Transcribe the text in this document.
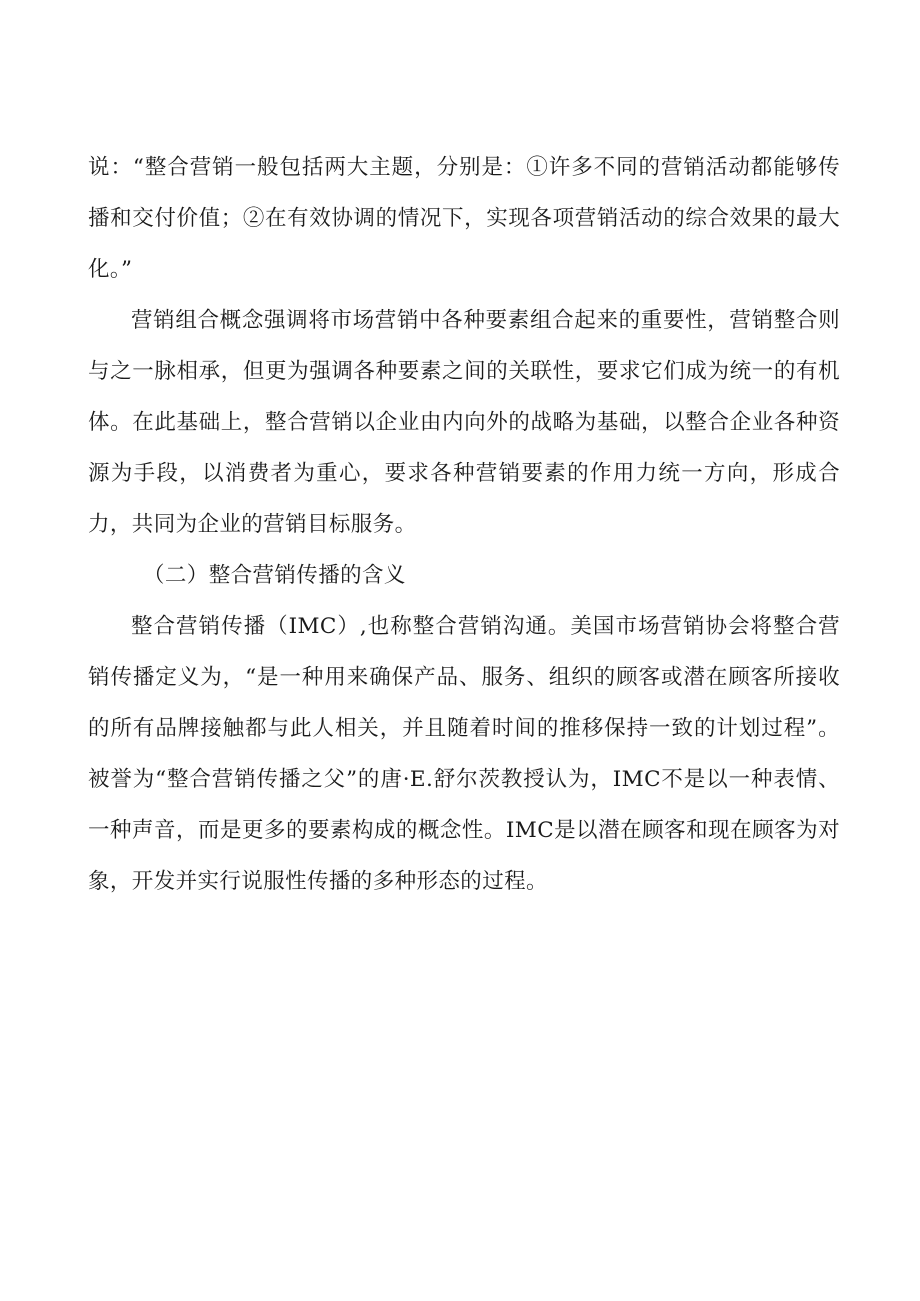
说：“整合营销一般包括两大主题，分别是：①许多不同的营销活动都能够传播和交付价值；②在有效协调的情况下，实现各项营销活动的综合效果的最大化。”

营销组合概念强调将市场营销中各种要素组合起来的重要性，营销整合则与之一脉相承，但更为强调各种要素之间的关联性，要求它们成为统一的有机体。在此基础上，整合营销以企业由内向外的战略为基础，以整合企业各种资源为手段，以消费者为重心，要求各种营销要素的作用力统一方向，形成合力，共同为企业的营销目标服务。

（二）整合营销传播的含义

整合营销传播（IMC）,也称整合营销沟通。美国市场营销协会将整合营销传播定义为，“是一种用来确保产品、服务、组织的顾客或潜在顾客所接收的所有品牌接触都与此人相关，并且随着时间的推移保持一致的计划过程”。被誉为“整合营销传播之父”的唐·E.舒尔茨教授认为，IMC不是以一种表情、一种声音，而是更多的要素构成的概念性。IMC是以潜在顾客和现在顾客为对象，开发并实行说服性传播的多种形态的过程。
